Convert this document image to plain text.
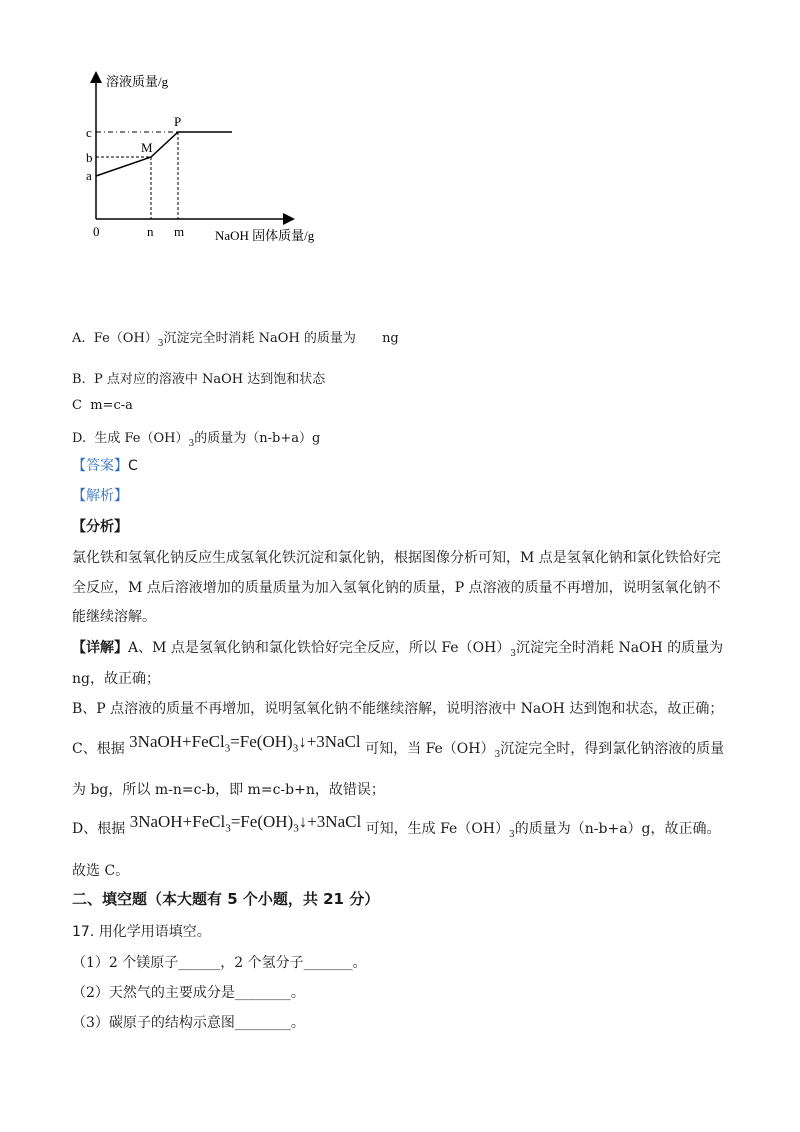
溶液质量/g
NaOH 固体质量/g
0	n m
c
b
a
M
P
A. $Fe(OH)_3$沉淀完全时消耗 NaOH 的质量为 ng
B. P 点对应的溶液中 NaOH 达到饱和状态
C m=c-a
D. 生成 $Fe(OH)_3$的质量为（n-b+a）g
【答案】C
【解析】
【分析】
氯化铁和氢氧化钠反应生成氢氧化铁沉淀和氯化钠，根据图像分析可知，M 点是氢氧化钠和氯化铁恰好完
全反应，M 点后溶液增加的质量质量为加入氢氧化钠的质量，P 点溶液的质量不再增加，说明氢氧化钠不
能继续溶解。
【详解】A、M 点是氢氧化钠和氯化铁恰好完全反应，所以 $Fe(OH)_3$沉淀完全时消耗 NaOH 的质量为
ng，故正确；
B、P 点溶液的质量不再增加，说明氢氧化钠不能继续溶解，说明溶液中 NaOH 达到饱和状态，故正确；
C、根据 $3NaOH+FeCl_3=Fe(OH)_3↓+3NaCl$ 可知，当 $Fe(OH)_3$沉淀完全时，得到氯化钠溶液的质量
为 bg，所以 m-n=c-b，即 m=c-b+n，故错误；
D、根据 $3NaOH+FeCl_3=Fe(OH)_3↓+3NaCl$ 可知，生成 $Fe(OH)_3$的质量为（n-b+a）g，故正确。
故选 C。
二、填空题（本大题有 5 个小题，共 21 分）
17. 用化学用语填空。
（1）2 个镁原子______，2 个氢分子_______。
（2）天然气的主要成分是________。
（3）碳原子的结构示意图________。
